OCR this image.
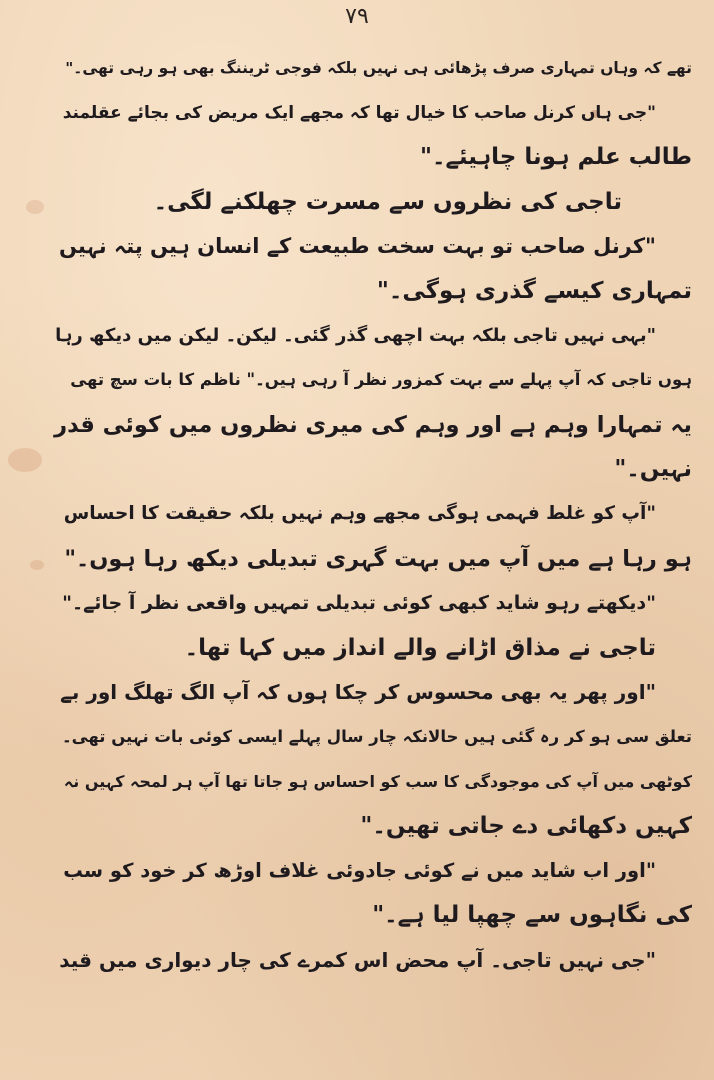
۷۹
تھے کہ وہاں تمہاری صرف پڑھائی ہی نہیں بلکہ فوجی ٹریننگ بھی ہو رہی تھی۔"
"جی ہاں کرنل صاحب کا خیال تھا کہ مجھے ایک مریض کی بجائے عقلمند
طالب علم ہونا چاہیئے۔"
تاجی کی نظروں سے مسرت چھلکنے لگی۔
"کرنل صاحب تو بہت سخت طبیعت کے انسان ہیں پتہ نہیں
تمہاری کیسے گذری ہوگی۔"
"بہی نہیں تاجی بلکہ بہت اچھی گذر گئی۔ لیکن۔ لیکن میں دیکھ رہا
ہوں تاجی کہ آپ پہلے سے بہت کمزور نظر آ رہی ہیں۔" ناظم کا بات سچ تھی
یہ تمہارا وہم ہے اور وہم کی میری نظروں میں کوئی قدر
نہیں۔"
"آپ کو غلط فہمی ہوگی مجھے وہم نہیں بلکہ حقیقت کا احساس
ہو رہا ہے میں آپ میں بہت گہری تبدیلی دیکھ رہا ہوں۔"
"دیکھتے رہو شاید کبھی کوئی تبدیلی تمہیں واقعی نظر آ جائے۔"
تاجی نے مذاق اڑانے والے انداز میں کہا تھا۔
"اور پھر یہ بھی محسوس کر چکا ہوں کہ آپ الگ تھلگ اور بے
تعلق سی ہو کر رہ گئی ہیں حالانکہ چار سال پہلے ایسی کوئی بات نہیں تھی۔
کوٹھی میں آپ کی موجودگی کا سب کو احساس ہو جاتا تھا آپ ہر لمحہ کہیں نہ
کہیں دکھائی دے جاتی تھیں۔"
"اور اب شاید میں نے کوئی جادوئی غلاف اوڑھ کر خود کو سب
کی نگاہوں سے چھپا لیا ہے۔"
"جی نہیں تاجی۔ آپ محض اس کمرے کی چار دیواری میں قید
